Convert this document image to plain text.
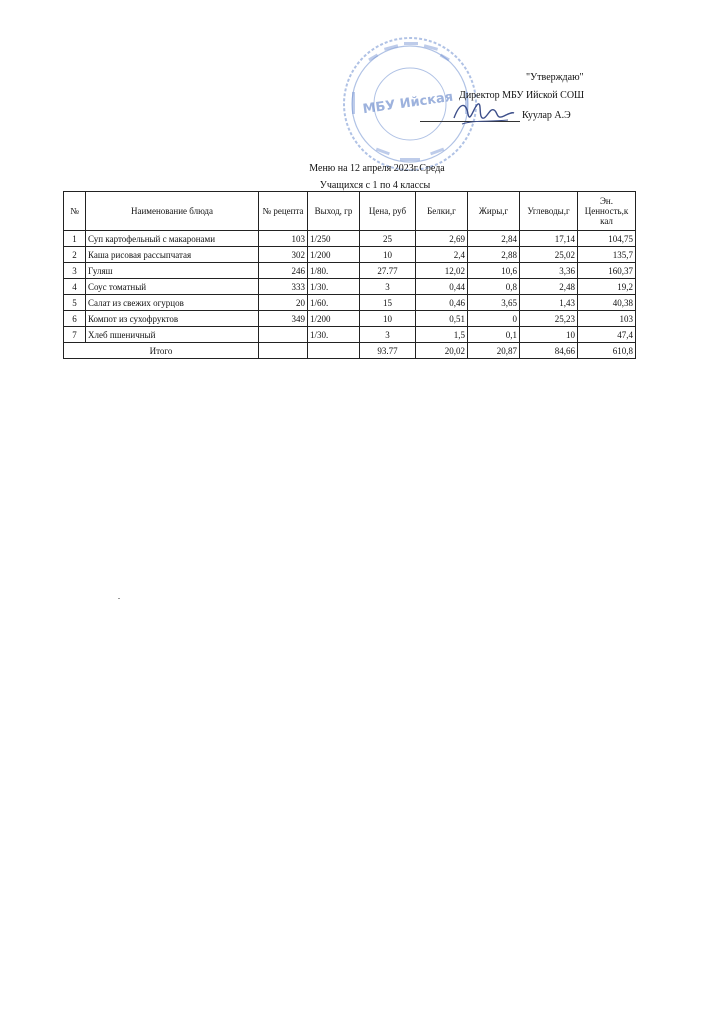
МБУ Ийская
"Утверждаю"
Директор МБУ Ийской СОШ
Куулар А.Э
Меню на 12 апреля 2023г.Среда
Учащихся с 1 по 4 классы
№	Наименование блюда	№ рецепта	Выход, гр	Цена, руб	Белки,г	Жиры,г	Углеводы,г	Эн. Ценность,к кал
1	Суп картофельный с макаронами	103	1/250	25	2,69	2,84	17,14	104,75
2	Каша рисовая рассыпчатая	302	1/200	10	2,4	2,88	25,02	135,7
3	Гуляш	246	1/80.	27.77	12,02	10,6	3,36	160,37
4	Соус томатный	333	1/30.	3	0,44	0,8	2,48	19,2
5	Салат из свежих огурцов	20	1/60.	15	0,46	3,65	1,43	40,38
6	Компот из сухофруктов	349	1/200	10	0,51	0	25,23	103
7	Хлеб пшеничный		1/30.	3	1,5	0,1	10	47,4
Итого				93.77	20,02	20,87	84,66	610,8
